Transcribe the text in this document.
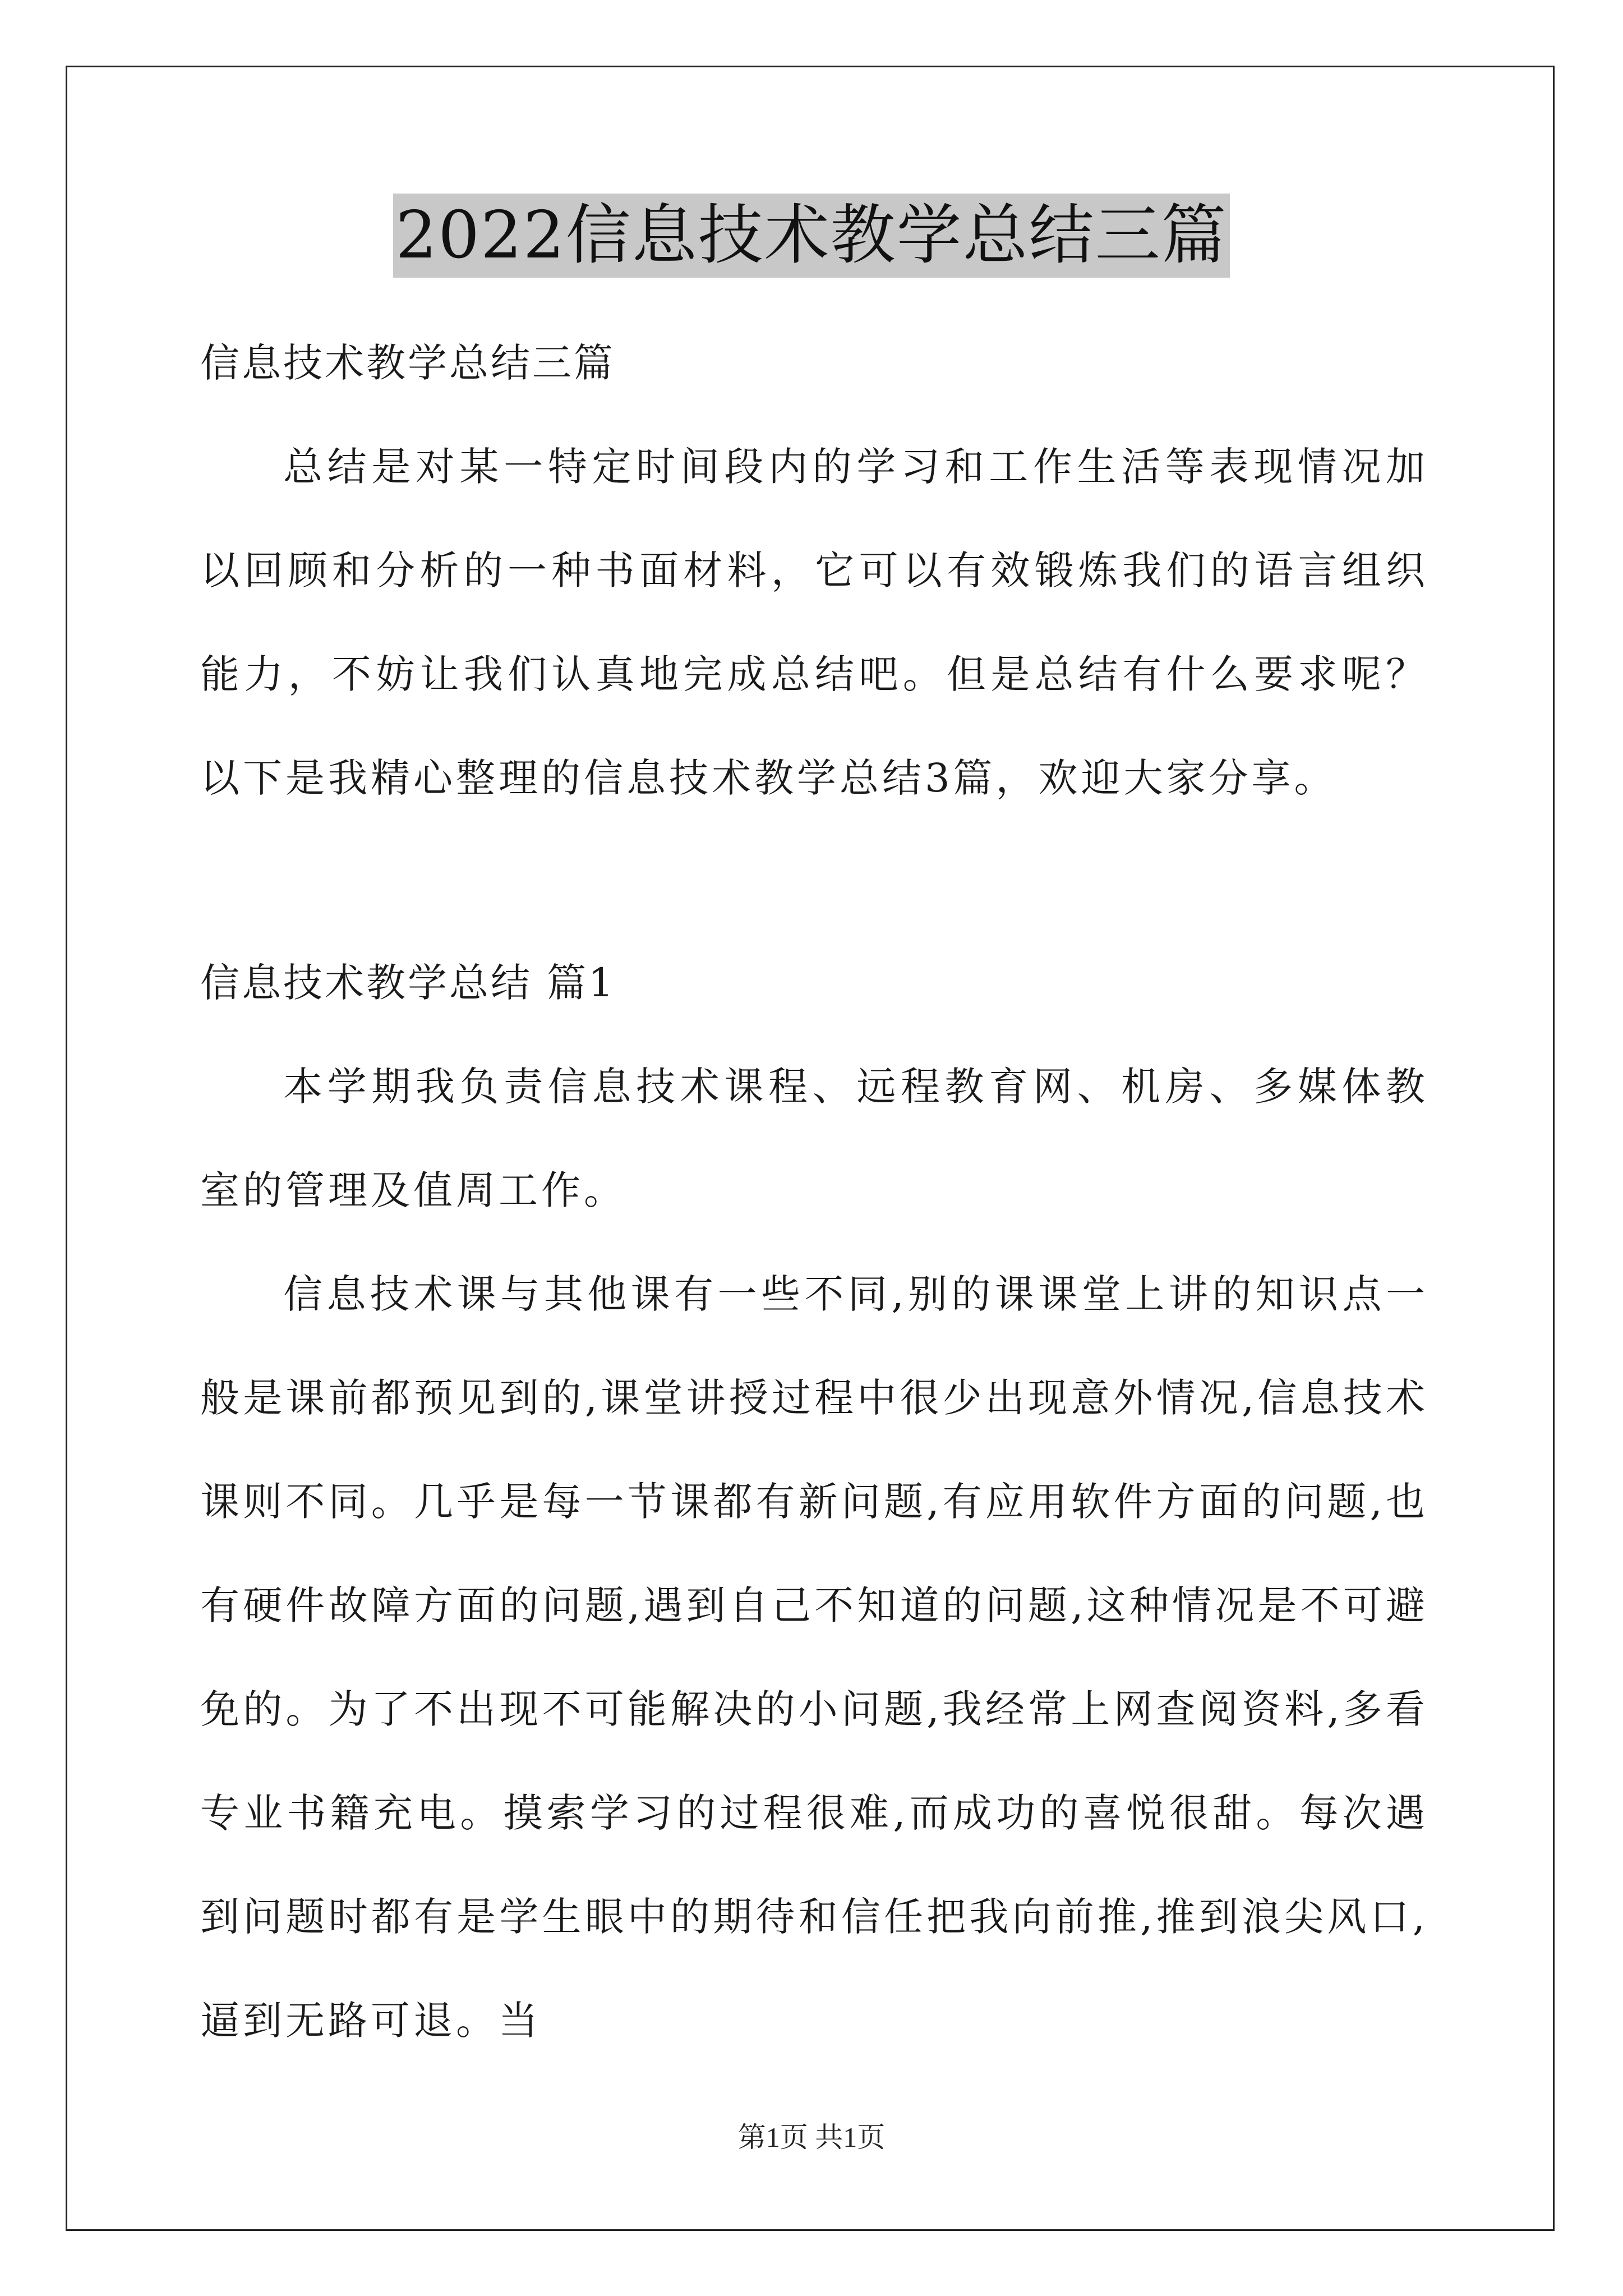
2022信息技术教学总结三篇

信息技术教学总结三篇

总结是对某一特定时间段内的学习和工作生活等表现情况加以回顾和分析的一种书面材料，它可以有效锻炼我们的语言组织能力，不妨让我们认真地完成总结吧。但是总结有什么要求呢？以下是我精心整理的信息技术教学总结3篇，欢迎大家分享。

信息技术教学总结 篇1

本学期我负责信息技术课程、远程教育网、机房、多媒体教室的管理及值周工作。

信息技术课与其他课有一些不同,别的课课堂上讲的知识点一般是课前都预见到的,课堂讲授过程中很少出现意外情况,信息技术课则不同。几乎是每一节课都有新问题,有应用软件方面的问题,也有硬件故障方面的问题,遇到自己不知道的问题,这种情况是不可避免的。为了不出现不可能解决的小问题,我经常上网查阅资料,多看专业书籍充电。摸索学习的过程很难,而成功的喜悦很甜。每次遇到问题时都有是学生眼中的期待和信任把我向前推,推到浪尖风口,逼到无路可退。当

第1页 共1页
